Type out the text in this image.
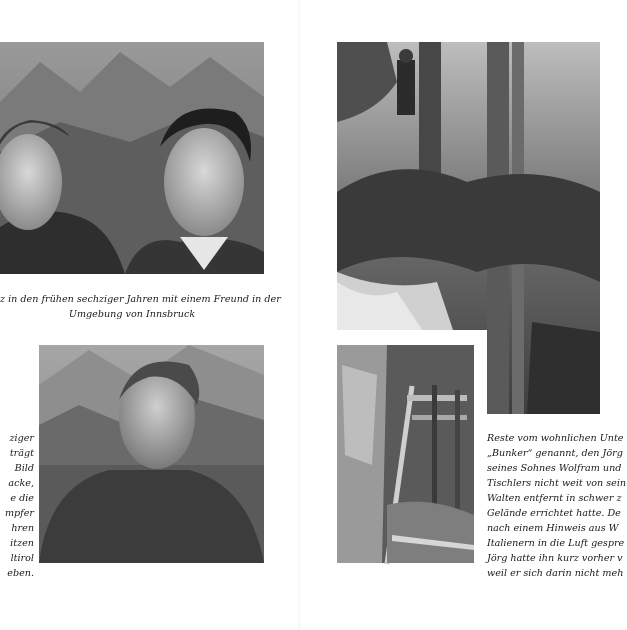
z in den frühen sechziger Jahren mit einem Freund in der
Umgebung von Innsbruck

ziger
trägt
Bild
acke,
e die
mpfer
hren
itzen
ltirol
eben.

Reste vom wohnlichen Unte
„Bunker“ genannt, den Jörg
seines Sohnes Wolfram und
Tischlers nicht weit von sein
Walten entfernt in schwer z
Gelände errichtet hatte. De
nach einem Hinweis aus W
Italienern in die Luft gespre
Jörg hatte ihn kurz vorher v
weil er sich darin nicht meh
